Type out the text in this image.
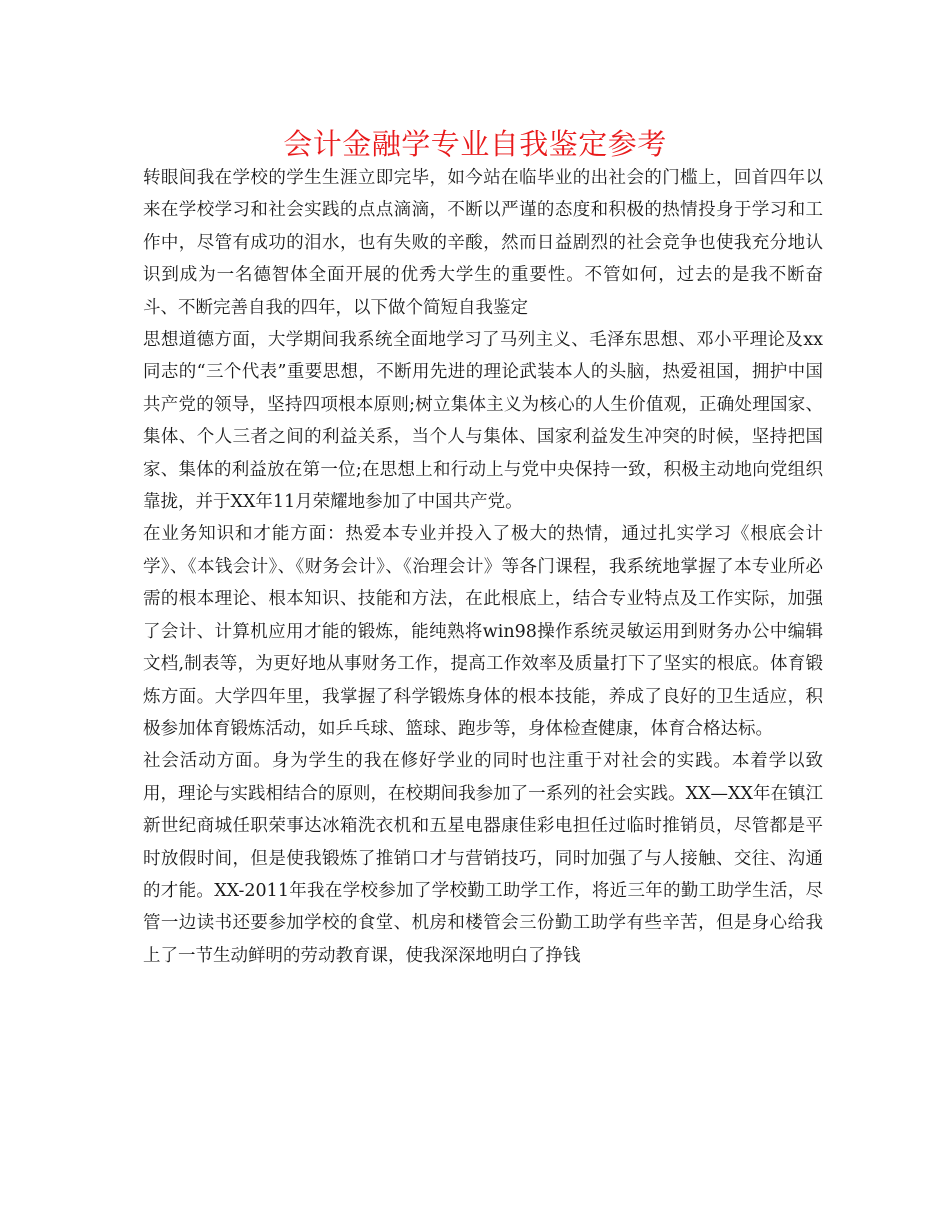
会计金融学专业自我鉴定参考

转眼间我在学校的学生生涯立即完毕，如今站在临毕业的出社会的门槛上，回首四年以来在学校学习和社会实践的点点滴滴，不断以严谨的态度和积极的热情投身于学习和工作中，尽管有成功的泪水，也有失败的辛酸，然而日益剧烈的社会竞争也使我充分地认识到成为一名德智体全面开展的优秀大学生的重要性。不管如何，过去的是我不断奋斗、不断完善自我的四年，以下做个简短自我鉴定

思想道德方面，大学期间我系统全面地学习了马列主义、毛泽东思想、邓小平理论及xx同志的“三个代表”重要思想，不断用先进的理论武装本人的头脑，热爱祖国，拥护中国共产党的领导，坚持四项根本原则;树立集体主义为核心的人生价值观，正确处理国家、集体、个人三者之间的利益关系，当个人与集体、国家利益发生冲突的时候，坚持把国家、集体的利益放在第一位;在思想上和行动上与党中央保持一致，积极主动地向党组织靠拢，并于XX年11月荣耀地参加了中国共产党。

在业务知识和才能方面：热爱本专业并投入了极大的热情，通过扎实学习《根底会计学》、《本钱会计》、《财务会计》、《治理会计》等各门课程，我系统地掌握了本专业所必需的根本理论、根本知识、技能和方法，在此根底上，结合专业特点及工作实际，加强了会计、计算机应用才能的锻炼，能纯熟将win98操作系统灵敏运用到财务办公中编辑文档,制表等，为更好地从事财务工作，提高工作效率及质量打下了坚实的根底。体育锻炼方面。大学四年里，我掌握了科学锻炼身体的根本技能，养成了良好的卫生适应，积极参加体育锻炼活动，如乒乓球、篮球、跑步等，身体检查健康，体育合格达标。

社会活动方面。身为学生的我在修好学业的同时也注重于对社会的实践。本着学以致用，理论与实践相结合的原则，在校期间我参加了一系列的社会实践。XX—XX年在镇江新世纪商城任职荣事达冰箱洗衣机和五星电器康佳彩电担任过临时推销员，尽管都是平时放假时间，但是使我锻炼了推销口才与营销技巧，同时加强了与人接触、交往、沟通的才能。XX-2011年我在学校参加了学校勤工助学工作，将近三年的勤工助学生活，尽管一边读书还要参加学校的食堂、机房和楼管会三份勤工助学有些辛苦，但是身心给我上了一节生动鲜明的劳动教育课，使我深深地明白了挣钱
